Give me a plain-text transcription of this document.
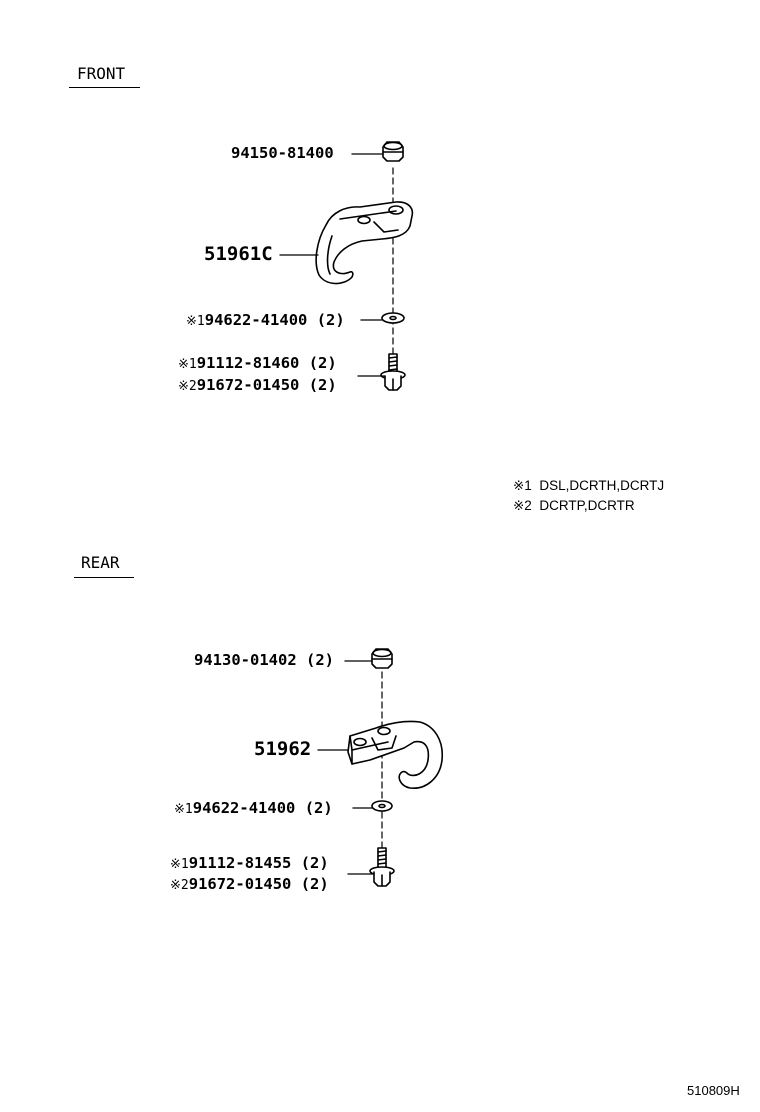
FRONT
REAR
94150-81400
51961C
※194622-41400 (2)
※191112-81460 (2)
※291672-01450 (2)
※1 DSL,DCRTH,DCRTJ
※2 DCRTP,DCRTR
94130-01402 (2)
51962
※194622-41400 (2)
※191112-81455 (2)
※291672-01450 (2)
510809H
